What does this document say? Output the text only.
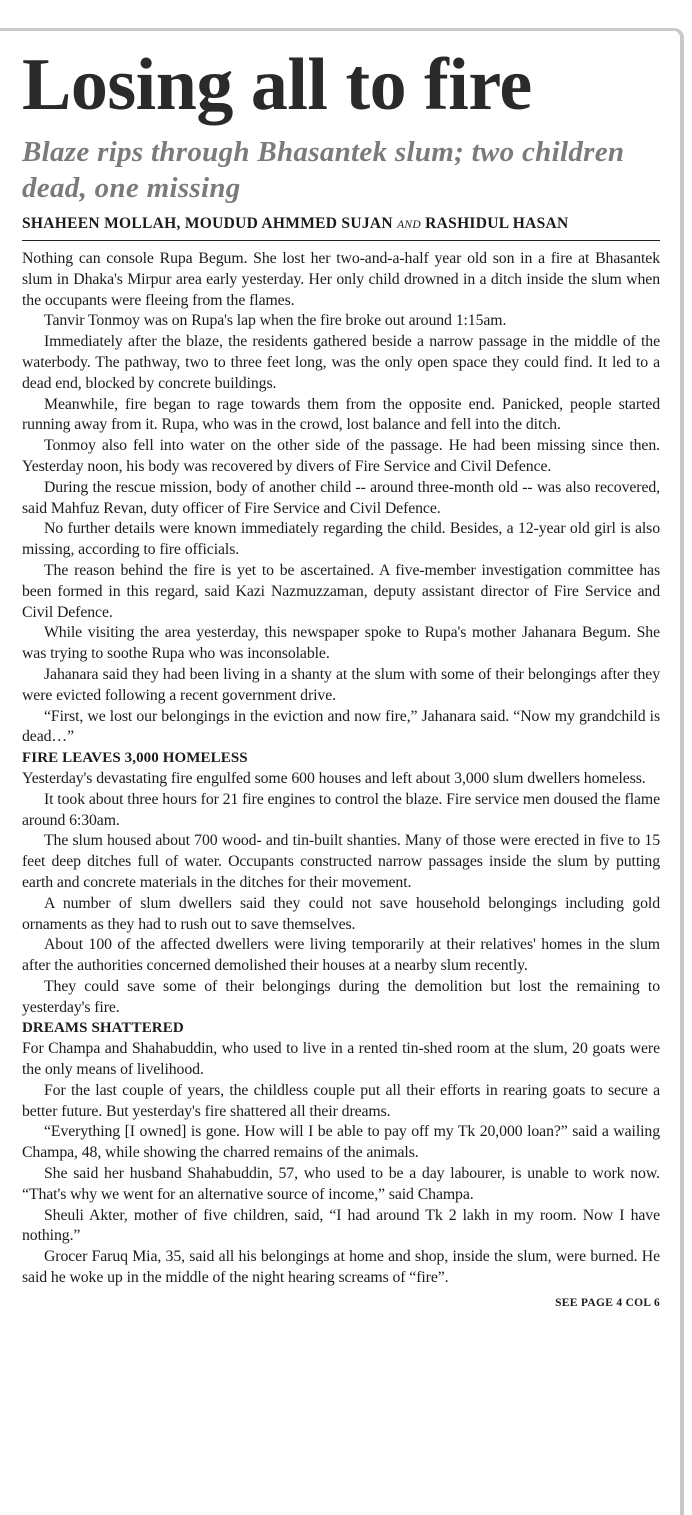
Losing all to fire
Blaze rips through Bhasantek slum; two children dead, one missing
SHAHEEN MOLLAH, MOUDUD AHMMED SUJAN AND RASHIDUL HASAN

Nothing can console Rupa Begum. She lost her two-and-a-half year old son in a fire at Bhasantek slum in Dhaka's Mirpur area early yesterday. Her only child drowned in a ditch inside the slum when the occupants were fleeing from the flames.

Tanvir Tonmoy was on Rupa's lap when the fire broke out around 1:15am.

Immediately after the blaze, the residents gathered beside a narrow passage in the middle of the waterbody. The pathway, two to three feet long, was the only open space they could find. It led to a dead end, blocked by concrete buildings.

Meanwhile, fire began to rage towards them from the opposite end. Panicked, people started running away from it. Rupa, who was in the crowd, lost balance and fell into the ditch.

Tonmoy also fell into water on the other side of the passage. He had been missing since then. Yesterday noon, his body was recovered by divers of Fire Service and Civil Defence.

During the rescue mission, body of another child -- around three-month old -- was also recovered, said Mahfuz Revan, duty officer of Fire Service and Civil Defence.

No further details were known immediately regarding the child. Besides, a 12-year old girl is also missing, according to fire officials.

The reason behind the fire is yet to be ascertained. A five-member investigation committee has been formed in this regard, said Kazi Nazmuzzaman, deputy assistant director of Fire Service and Civil Defence.

While visiting the area yesterday, this newspaper spoke to Rupa's mother Jahanara Begum. She was trying to soothe Rupa who was inconsolable.

Jahanara said they had been living in a shanty at the slum with some of their belongings after they were evicted following a recent government drive.

“First, we lost our belongings in the eviction and now fire,” Jahanara said. “Now my grandchild is dead…”

FIRE LEAVES 3,000 HOMELESS

Yesterday's devastating fire engulfed some 600 houses and left about 3,000 slum dwellers homeless.

It took about three hours for 21 fire engines to control the blaze. Fire service men doused the flame around 6:30am.

The slum housed about 700 wood- and tin-built shanties. Many of those were erected in five to 15 feet deep ditches full of water. Occupants constructed narrow passages inside the slum by putting earth and concrete materials in the ditches for their movement.

A number of slum dwellers said they could not save household belongings including gold ornaments as they had to rush out to save themselves.

About 100 of the affected dwellers were living temporarily at their relatives' homes in the slum after the authorities concerned demolished their houses at a nearby slum recently.

They could save some of their belongings during the demolition but lost the remaining to yesterday's fire.

DREAMS SHATTERED

For Champa and Shahabuddin, who used to live in a rented tin-shed room at the slum, 20 goats were the only means of livelihood.

For the last couple of years, the childless couple put all their efforts in rearing goats to secure a better future. But yesterday's fire shattered all their dreams.

“Everything [I owned] is gone. How will I be able to pay off my Tk 20,000 loan?” said a wailing Champa, 48, while showing the charred remains of the animals.

She said her husband Shahabuddin, 57, who used to be a day labourer, is unable to work now. “That's why we went for an alternative source of income,” said Champa.

Sheuli Akter, mother of five children, said, “I had around Tk 2 lakh in my room. Now I have nothing.”

Grocer Faruq Mia, 35, said all his belongings at home and shop, inside the slum, were burned. He said he woke up in the middle of the night hearing screams of “fire”.

SEE PAGE 4 COL 6
